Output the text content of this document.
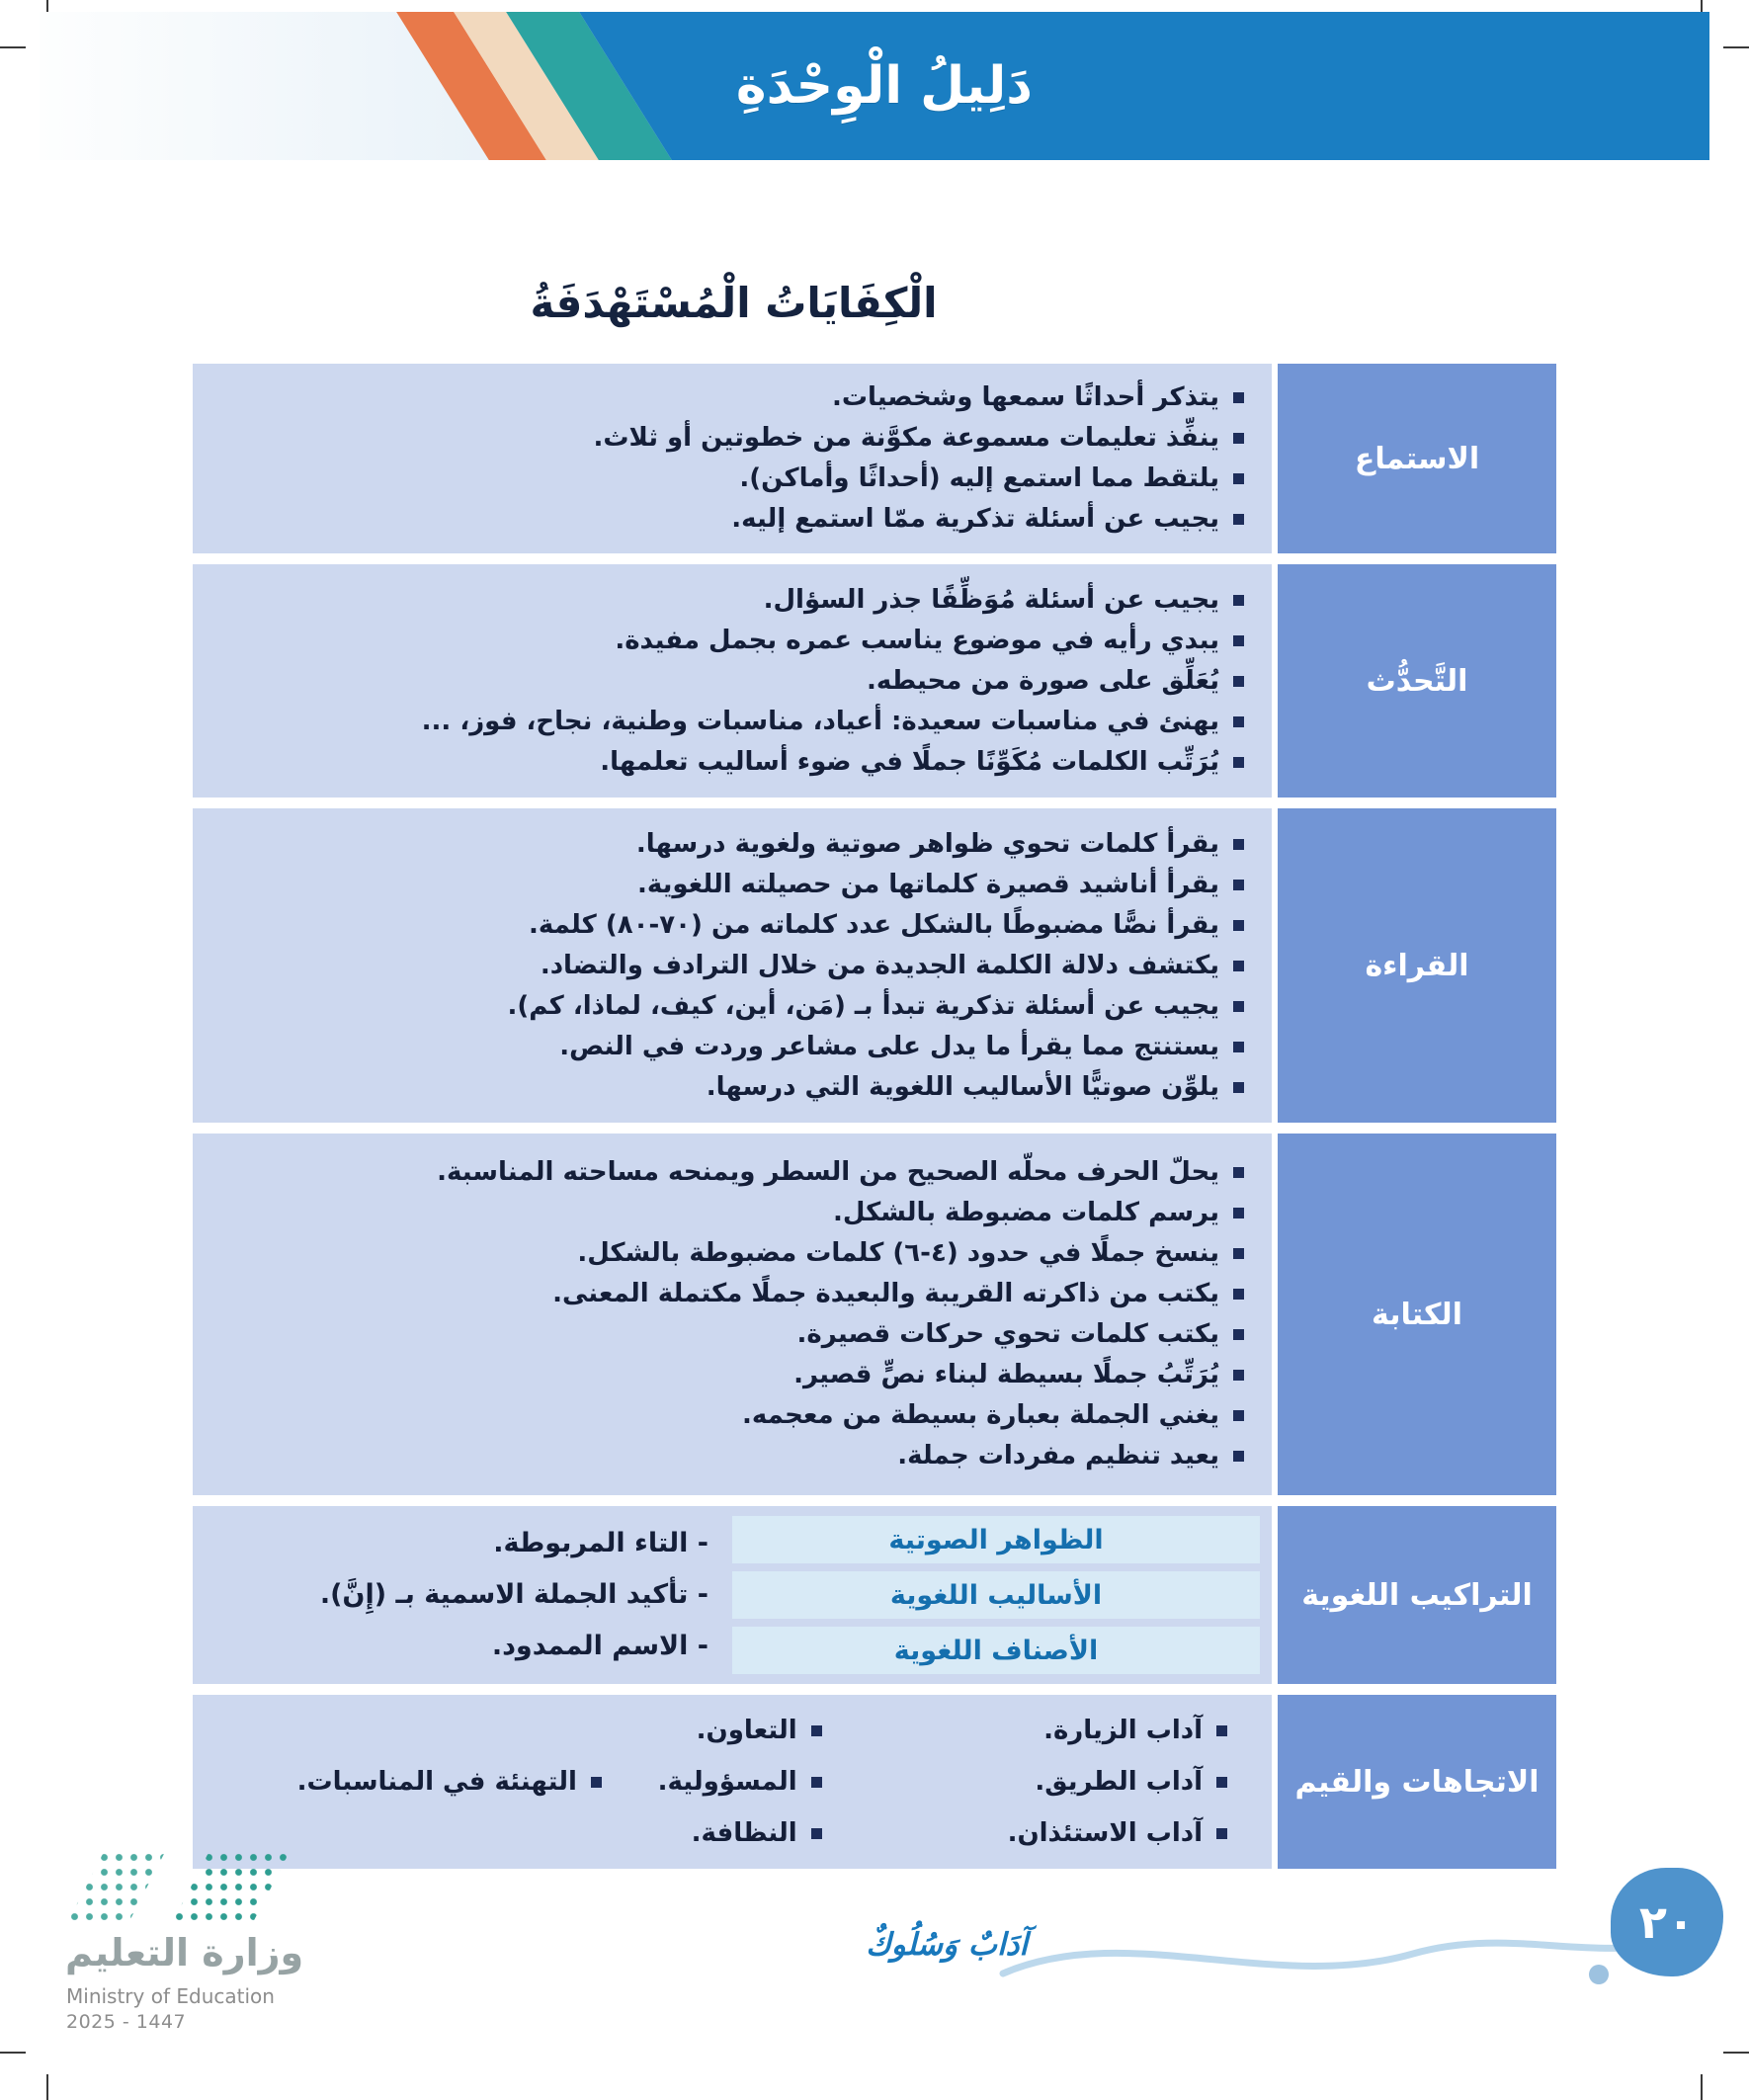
دَلِيلُ الْوِحْدَةِ
الْكِفَايَاتُ الْمُسْتَهْدَفَةُ
الاستماع
يتذكر أحداثًا سمعها وشخصيات.
ينفِّذ تعليمات مسموعة مكوَّنة من خطوتين أو ثلاث.
يلتقط مما استمع إليه (أحداثًا وأماكن).
يجيب عن أسئلة تذكرية ممّا استمع إليه.
التَّحدُّث
يجيب عن أسئلة مُوَظِّفًا جذر السؤال.
يبدي رأيه في موضوع يناسب عمره بجمل مفيدة.
يُعَلِّق على صورة من محيطه.
يهنئ في مناسبات سعيدة: أعياد، مناسبات وطنية، نجاح، فوز، ...
يُرَتِّب الكلمات مُكَوِّنًا جملًا في ضوء أساليب تعلمها.
القراءة
يقرأ كلمات تحوي ظواهر صوتية ولغوية درسها.
يقرأ أناشيد قصيرة كلماتها من حصيلته اللغوية.
يقرأ نصًّا مضبوطًا بالشكل عدد كلماته من (٧٠-٨٠) كلمة.
يكتشف دلالة الكلمة الجديدة من خلال الترادف والتضاد.
يجيب عن أسئلة تذكرية تبدأ بـ (مَن، أين، كيف، لماذا، كم).
يستنتج مما يقرأ ما يدل على مشاعر وردت في النص.
يلوِّن صوتيًّا الأساليب اللغوية التي درسها.
الكتابة
يحلّ الحرف محلّه الصحيح من السطر ويمنحه مساحته المناسبة.
يرسم كلمات مضبوطة بالشكل.
ينسخ جملًا في حدود (٤-٦) كلمات مضبوطة بالشكل.
يكتب من ذاكرته القريبة والبعيدة جملًا مكتملة المعنى.
يكتب كلمات تحوي حركات قصيرة.
يُرَتِّبُ جملًا بسيطة لبناء نصٍّ قصير.
يغني الجملة بعبارة بسيطة من معجمه.
يعيد تنظيم مفردات جملة.
التراكيب اللغوية
الظواهر الصوتية
الأساليب اللغوية
الأصناف اللغوية
- التاء المربوطة.
- تأكيد الجملة الاسمية بـ (إِنَّ).
- الاسم الممدود.
الاتجاهات والقيم
آداب الزيارة.
آداب الطريق.
آداب الاستئذان.
التعاون.
المسؤولية.
النظافة.
التهنئة في المناسبات.
وزارة التعليم
Ministry of Education
2025 - 1447
آدَابٌ وَسُلُوكٌ	٢٠
